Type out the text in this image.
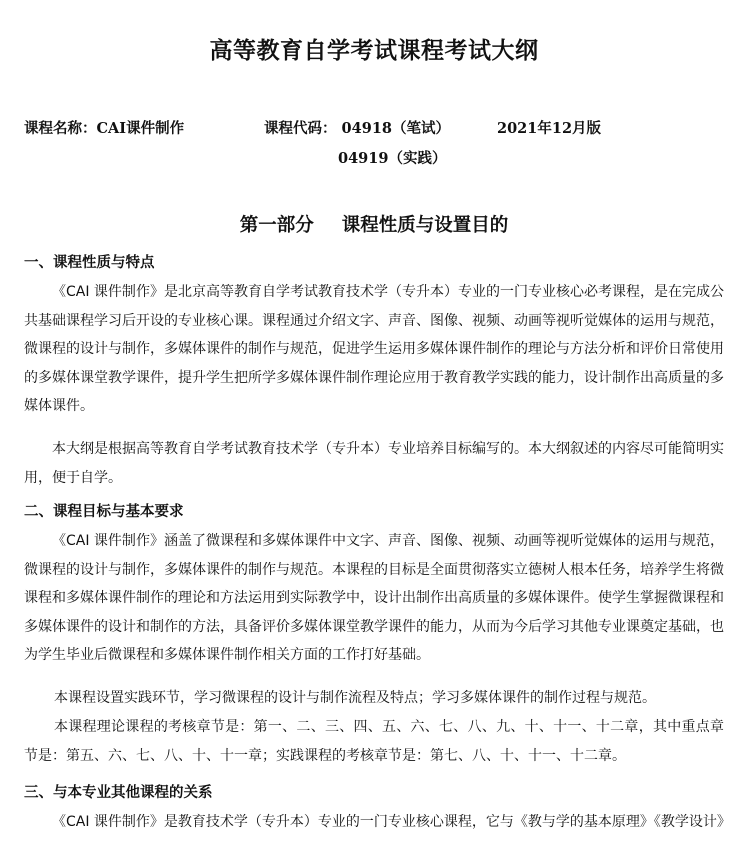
高等教育自学考试课程考试大纲
课程名称：CAI课件制作	课程代码： 04918（笔试）	2021年12月版
04919（实践）
第一部分 课程性质与设置目的
一、课程性质与特点
《CAI 课件制作》是北京高等教育自学考试教育技术学（专升本）专业的一门专业核心必考课程，是在完成公共基础课程学习后开设的专业核心课。课程通过介绍文字、声音、图像、视频、动画等视听觉媒体的运用与规范，微课程的设计与制作，多媒体课件的制作与规范，促进学生运用多媒体课件制作的理论与方法分析和评价日常使用的多媒体课堂教学课件，提升学生把所学多媒体课件制作理论应用于教育教学实践的能力，设计制作出高质量的多媒体课件。
本大纲是根据高等教育自学考试教育技术学（专升本）专业培养目标编写的。本大纲叙述的内容尽可能简明实用，便于自学。
二、课程目标与基本要求
《CAI 课件制作》涵盖了微课程和多媒体课件中文字、声音、图像、视频、动画等视听觉媒体的运用与规范，微课程的设计与制作，多媒体课件的制作与规范。本课程的目标是全面贯彻落实立德树人根本任务，培养学生将微课程和多媒体课件制作的理论和方法运用到实际教学中，设计出制作出高质量的多媒体课件。使学生掌握微课程和多媒体课件的设计和制作的方法，具备评价多媒体课堂教学课件的能力，从而为今后学习其他专业课奠定基础，也为学生毕业后微课程和多媒体课件制作相关方面的工作打好基础。
本课程设置实践环节，学习微课程的设计与制作流程及特点；学习多媒体课件的制作过程与规范。
本课程理论课程的考核章节是：第一、二、三、四、五、六、七、八、九、十、十一、十二章，其中重点章节是：第五、六、七、八、十、十一章；实践课程的考核章节是：第七、八、十、十一、十二章。
三、与本专业其他课程的关系
《CAI 课件制作》是教育技术学（专升本）专业的一门专业核心课程，它与《教与学的基本原理》《教学设计》
